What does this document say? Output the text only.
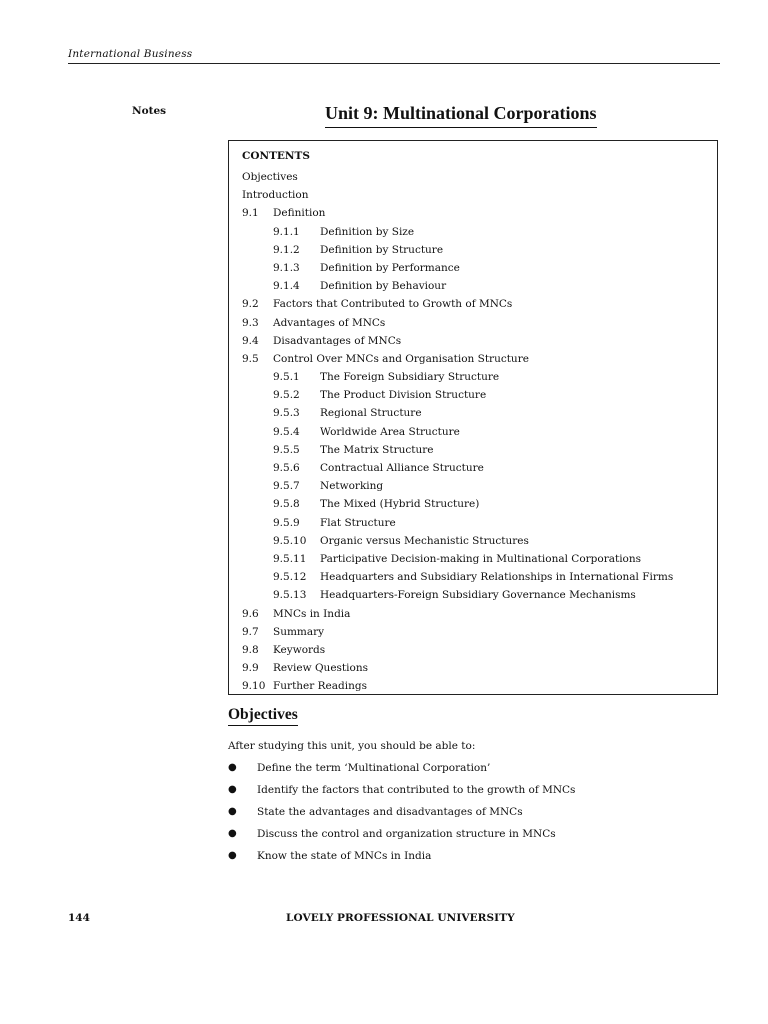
International Business
Notes	Unit 9: Multinational Corporations
CONTENTS
Objectives
Introduction
9.1 Definition
9.1.1 Definition by Size
9.1.2 Definition by Structure
9.1.3 Definition by Performance
9.1.4 Definition by Behaviour
9.2 Factors that Contributed to Growth of MNCs
9.3 Advantages of MNCs
9.4 Disadvantages of MNCs
9.5 Control Over MNCs and Organisation Structure
9.5.1 The Foreign Subsidiary Structure
9.5.2 The Product Division Structure
9.5.3 Regional Structure
9.5.4 Worldwide Area Structure
9.5.5 The Matrix Structure
9.5.6 Contractual Alliance Structure
9.5.7 Networking
9.5.8 The Mixed (Hybrid Structure)
9.5.9 Flat Structure
9.5.10 Organic versus Mechanistic Structures
9.5.11 Participative Decision-making in Multinational Corporations
9.5.12 Headquarters and Subsidiary Relationships in International Firms
9.5.13 Headquarters-Foreign Subsidiary Governance Mechanisms
9.6 MNCs in India
9.7 Summary
9.8 Keywords
9.9 Review Questions
9.10 Further Readings
Objectives
After studying this unit, you should be able to:
● Define the term ‘Multinational Corporation’
● Identify the factors that contributed to the growth of MNCs
● State the advantages and disadvantages of MNCs
● Discuss the control and organization structure in MNCs
● Know the state of MNCs in India
144	LOVELY PROFESSIONAL UNIVERSITY
